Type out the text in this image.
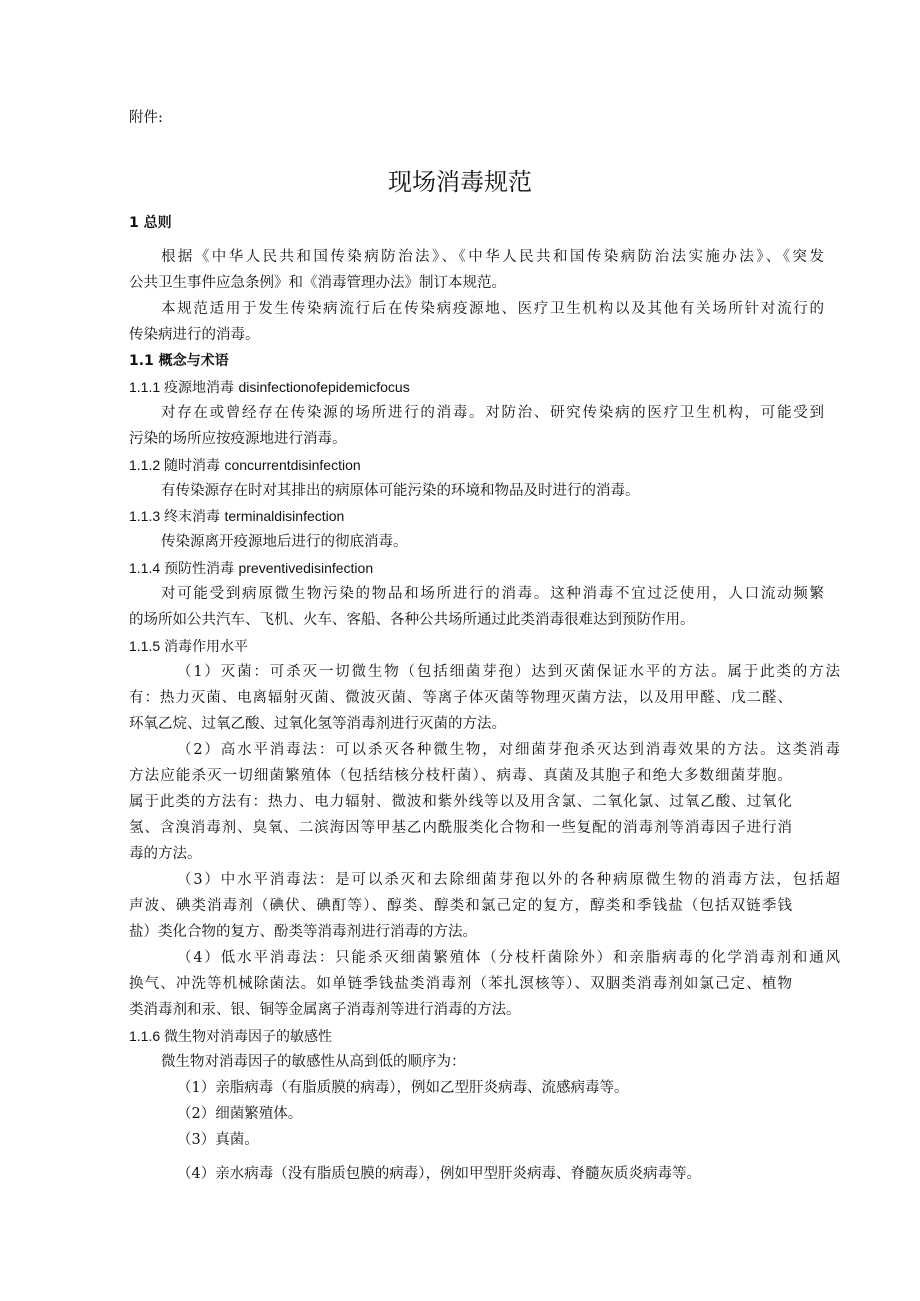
附件:
现场消毒规范
1 总则
根据《中华人民共和国传染病防治法》、《中华人民共和国传染病防治法实施办法》、《突发
公共卫生事件应急条例》和《消毒管理办法》制订本规范。
本规范适用于发生传染病流行后在传染病疫源地、医疗卫生机构以及其他有关场所针对流行的
传染病进行的消毒。
1.1 概念与术语
1.1.1 疫源地消毒 disinfectionofepidemicfocus
对存在或曾经存在传染源的场所进行的消毒。对防治、研究传染病的医疗卫生机构，可能受到
污染的场所应按疫源地进行消毒。
1.1.2 随时消毒 concurrentdisinfection
有传染源存在时对其排出的病原体可能污染的环境和物品及时进行的消毒。
1.1.3 终末消毒 terminaldisinfection
传染源离开疫源地后进行的彻底消毒。
1.1.4 预防性消毒 preventivedisinfection
对可能受到病原微生物污染的物品和场所进行的消毒。这种消毒不宜过泛使用，人口流动频繁
的场所如公共汽车、飞机、火车、客船、各种公共场所通过此类消毒很难达到预防作用。
1.1.5 消毒作用水平
（1）灭菌：可杀灭一切微生物（包括细菌芽孢）达到灭菌保证水平的方法。属于此类的方法
有：热力灭菌、电离辐射灭菌、微波灭菌、等离子体灭菌等物理灭菌方法，以及用甲醛、戊二醛、
环氧乙烷、过氧乙酸、过氧化氢等消毒剂进行灭菌的方法。
（2）高水平消毒法：可以杀灭各种微生物，对细菌芽孢杀灭达到消毒效果的方法。这类消毒
方法应能杀灭一切细菌繁殖体（包括结核分枝杆菌）、病毒、真菌及其胞子和绝大多数细菌芽胞。
属于此类的方法有：热力、电力辐射、微波和紫外线等以及用含氯、二氧化氯、过氧乙酸、过氧化
氢、含溴消毒剂、臭氧、二滨海因等甲基乙内酰服类化合物和一些复配的消毒剂等消毒因子进行消
毒的方法。
（3）中水平消毒法：是可以杀灭和去除细菌芽孢以外的各种病原微生物的消毒方法，包括超
声波、碘类消毒剂（碘伏、碘酊等）、醇类、醇类和氯己定的复方，醇类和季钱盐（包括双链季钱
盐）类化合物的复方、酚类等消毒剂进行消毒的方法。
（4）低水平消毒法：只能杀灭细菌繁殖体（分枝杆菌除外）和亲脂病毒的化学消毒剂和通风
换气、冲洗等机械除菌法。如单链季钱盐类消毒剂（苯扎溟核等）、双胭类消毒剂如氯己定、植物
类消毒剂和汞、银、铜等金属离子消毒剂等进行消毒的方法。
1.1.6 微生物对消毒因子的敏感性
微生物对消毒因子的敏感性从高到低的顺序为：
（1）亲脂病毒（有脂质膜的病毒），例如乙型肝炎病毒、流感病毒等。
（2）细菌繁殖体。
（3）真菌。
（4）亲水病毒（没有脂质包膜的病毒），例如甲型肝炎病毒、脊髓灰质炎病毒等。
